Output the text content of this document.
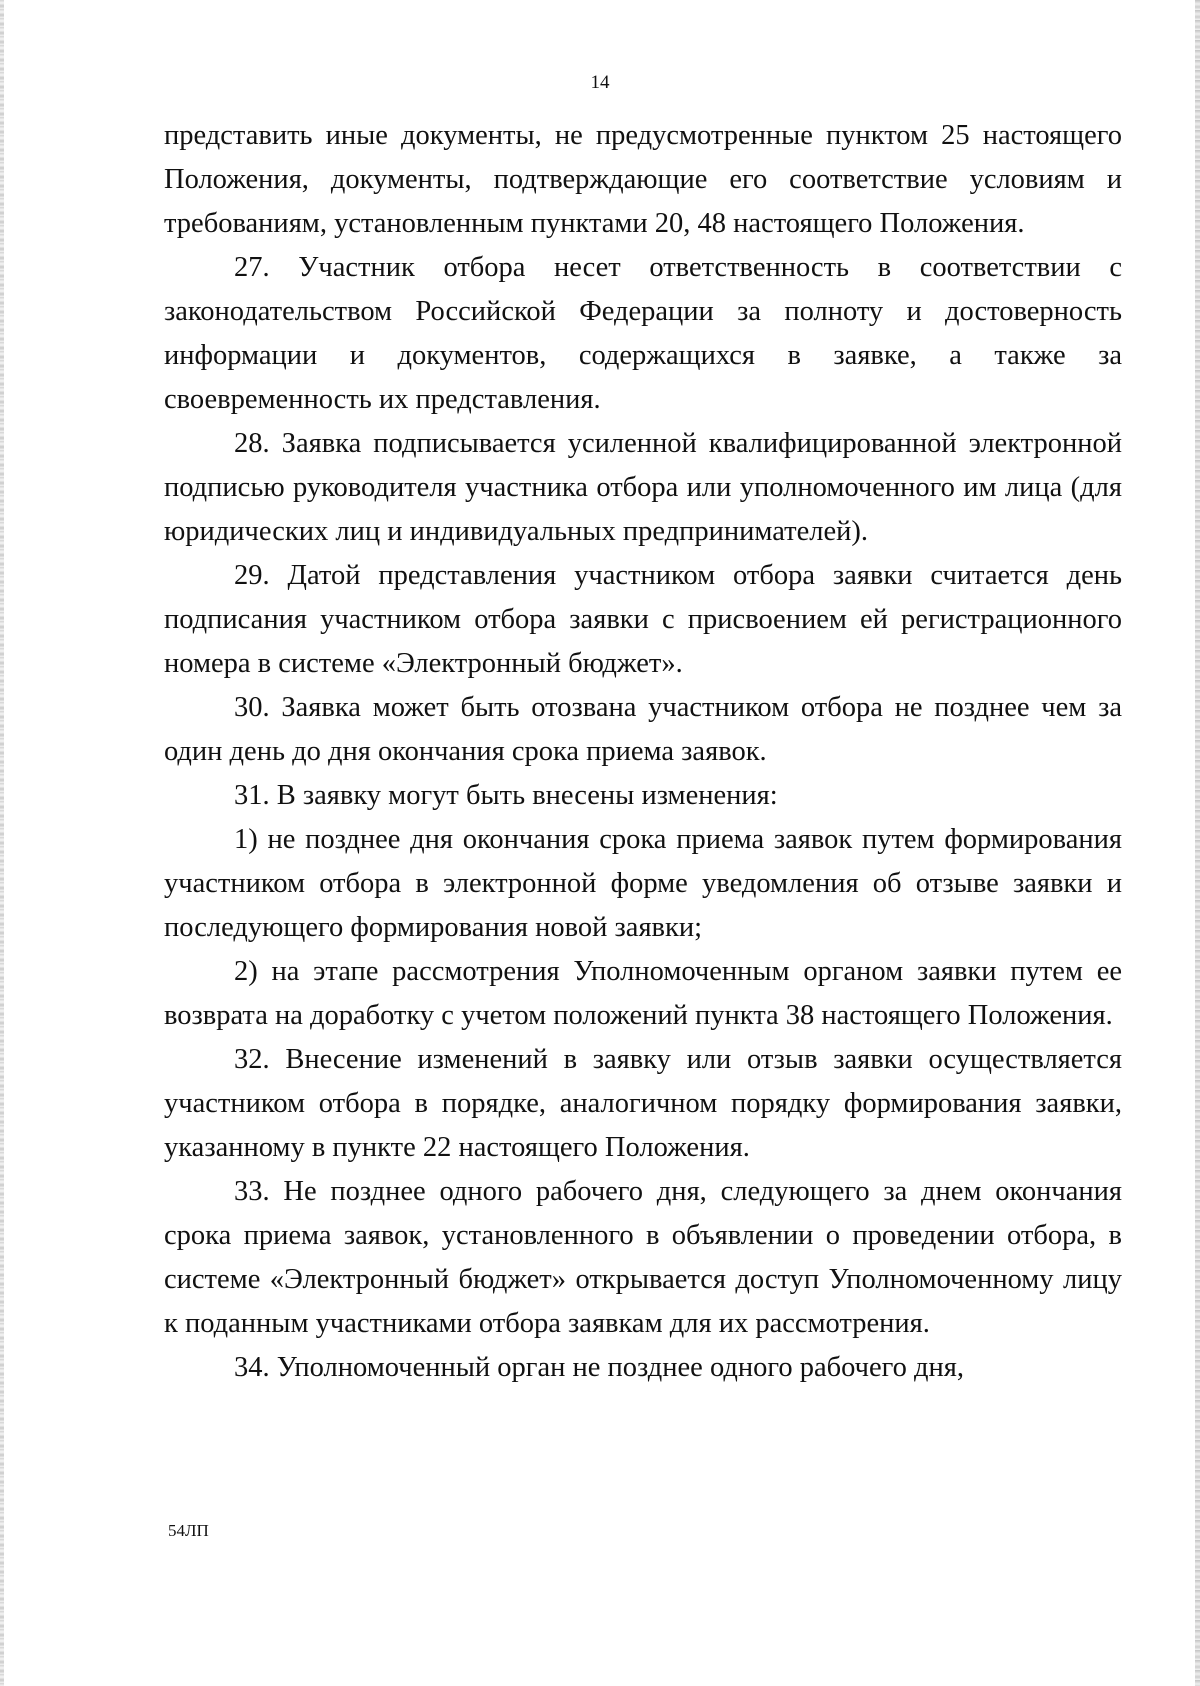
14

представить иные документы, не предусмотренные пунктом 25 настоящего Положения, документы, подтверждающие его соответствие условиям и требованиям, установленным пунктами 20, 48 настоящего Положения.

27. Участник отбора несет ответственность в соответствии с законодательством Российской Федерации за полноту и достоверность информации и документов, содержащихся в заявке, а также за своевременность их представления.

28. Заявка подписывается усиленной квалифицированной электронной подписью руководителя участника отбора или уполномоченного им лица (для юридических лиц и индивидуальных предпринимателей).

29. Датой представления участником отбора заявки считается день подписания участником отбора заявки с присвоением ей регистрационного номера в системе «Электронный бюджет».

30. Заявка может быть отозвана участником отбора не позднее чем за один день до дня окончания срока приема заявок.

31. В заявку могут быть внесены изменения:

1) не позднее дня окончания срока приема заявок путем формирования участником отбора в электронной форме уведомления об отзыве заявки и последующего формирования новой заявки;

2) на этапе рассмотрения Уполномоченным органом заявки путем ее возврата на доработку с учетом положений пункта 38 настоящего Положения.

32. Внесение изменений в заявку или отзыв заявки осуществляется участником отбора в порядке, аналогичном порядку формирования заявки, указанному в пункте 22 настоящего Положения.

33. Не позднее одного рабочего дня, следующего за днем окончания срока приема заявок, установленного в объявлении о проведении отбора, в системе «Электронный бюджет» открывается доступ Уполномоченному лицу к поданным участниками отбора заявкам для их рассмотрения.

34. Уполномоченный орган не позднее одного рабочего дня,

54ЛП
